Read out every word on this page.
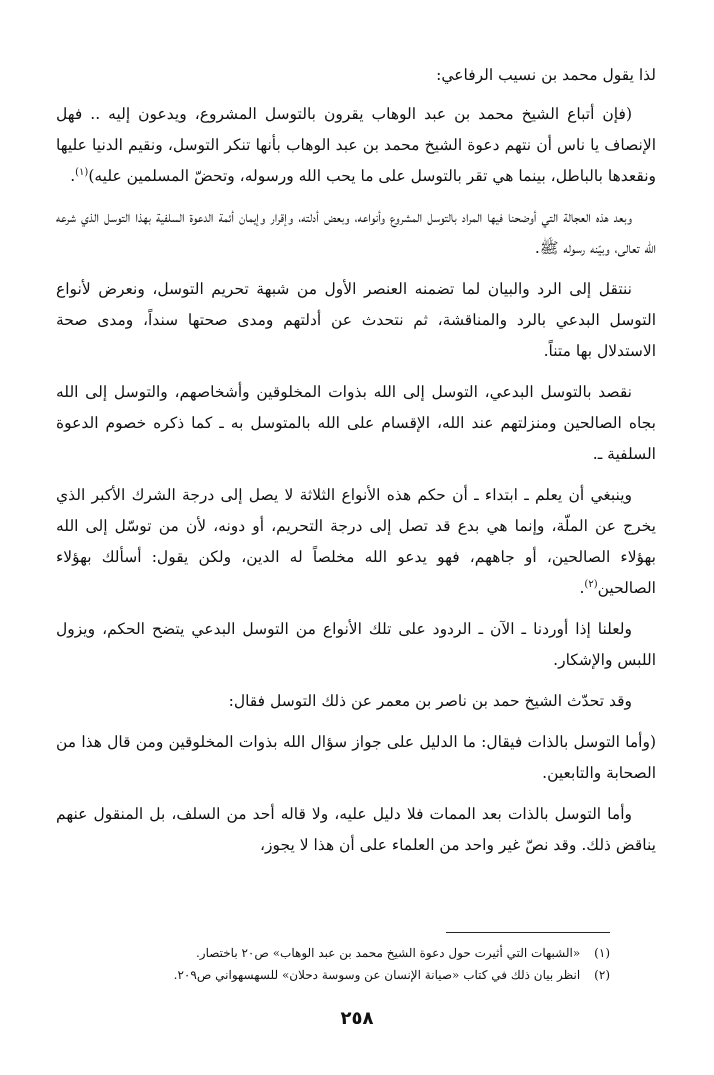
لذا يقول محمد بن نسيب الرفاعي:

(فإن أتباع الشيخ محمد بن عبد الوهاب يقرون بالتوسل المشروع، ويدعون إليه .. فهل الإنصاف يا ناس أن نتهم دعوة الشيخ محمد بن عبد الوهاب بأنها تنكر التوسل، ونقيم الدنيا عليها ونقعدها بالباطل، بينما هي تقر بالتوسل على ما يحب الله ورسوله، وتحضّ المسلمين عليه)$^{(١)}$.

وبعد هذه العجالة التي أوضحنا فيها المراد بالتوسل المشروع وأنواعه، وبعض أدلته، وإقرار وإيمان أئمة الدعوة السلفية بهذا التوسل الذي شرعه الله تعالى، وبيّنه رسوله ﷺ.

ننتقل إلى الرد والبيان لما تضمنه العنصر الأول من شبهة تحريم التوسل، ونعرض لأنواع التوسل البدعي بالرد والمناقشة، ثم نتحدث عن أدلتهم ومدى صحتها سنداً، ومدى صحة الاستدلال بها متناً.

نقصد بالتوسل البدعي، التوسل إلى الله بذوات المخلوقين وأشخاصهم، والتوسل إلى الله بجاه الصالحين ومنزلتهم عند الله، الإقسام على الله بالمتوسل به ـ كما ذكره خصوم الدعوة السلفية ـ.

وينبغي أن يعلم ـ ابتداء ـ أن حكم هذه الأنواع الثلاثة لا يصل إلى درجة الشرك الأكبر الذي يخرج عن الملّة، وإنما هي بدع قد تصل إلى درجة التحريم، أو دونه، لأن من توسّل إلى الله بهؤلاء الصالحين، أو جاههم، فهو يدعو الله مخلصاً له الدين، ولكن يقول: أسألك بهؤلاء الصالحين$^{(٢)}$.

ولعلنا إذا أوردنا ـ الآن ـ الردود على تلك الأنواع من التوسل البدعي يتضح الحكم، ويزول اللبس والإشكار.

وقد تحدّث الشيخ حمد بن ناصر بن معمر عن ذلك التوسل فقال:

(وأما التوسل بالذات فيقال: ما الدليل على جواز سؤال الله بذوات المخلوقين ومن قال هذا من الصحابة والتابعين.

وأما التوسل بالذات بعد الممات فلا دليل عليه، ولا قاله أحد من السلف، بل المنقول عنهم يناقض ذلك. وقد نصّ غير واحد من العلماء على أن هذا لا يجوز،

(١) «الشبهات التي أثيرت حول دعوة الشيخ محمد بن عبد الوهاب» ص٢٠ باختصار.

(٢) انظر بيان ذلك في كتاب «صيانة الإنسان عن وسوسة دحلان» للسهسهواني ص٢٠٩.

٢٥٨
